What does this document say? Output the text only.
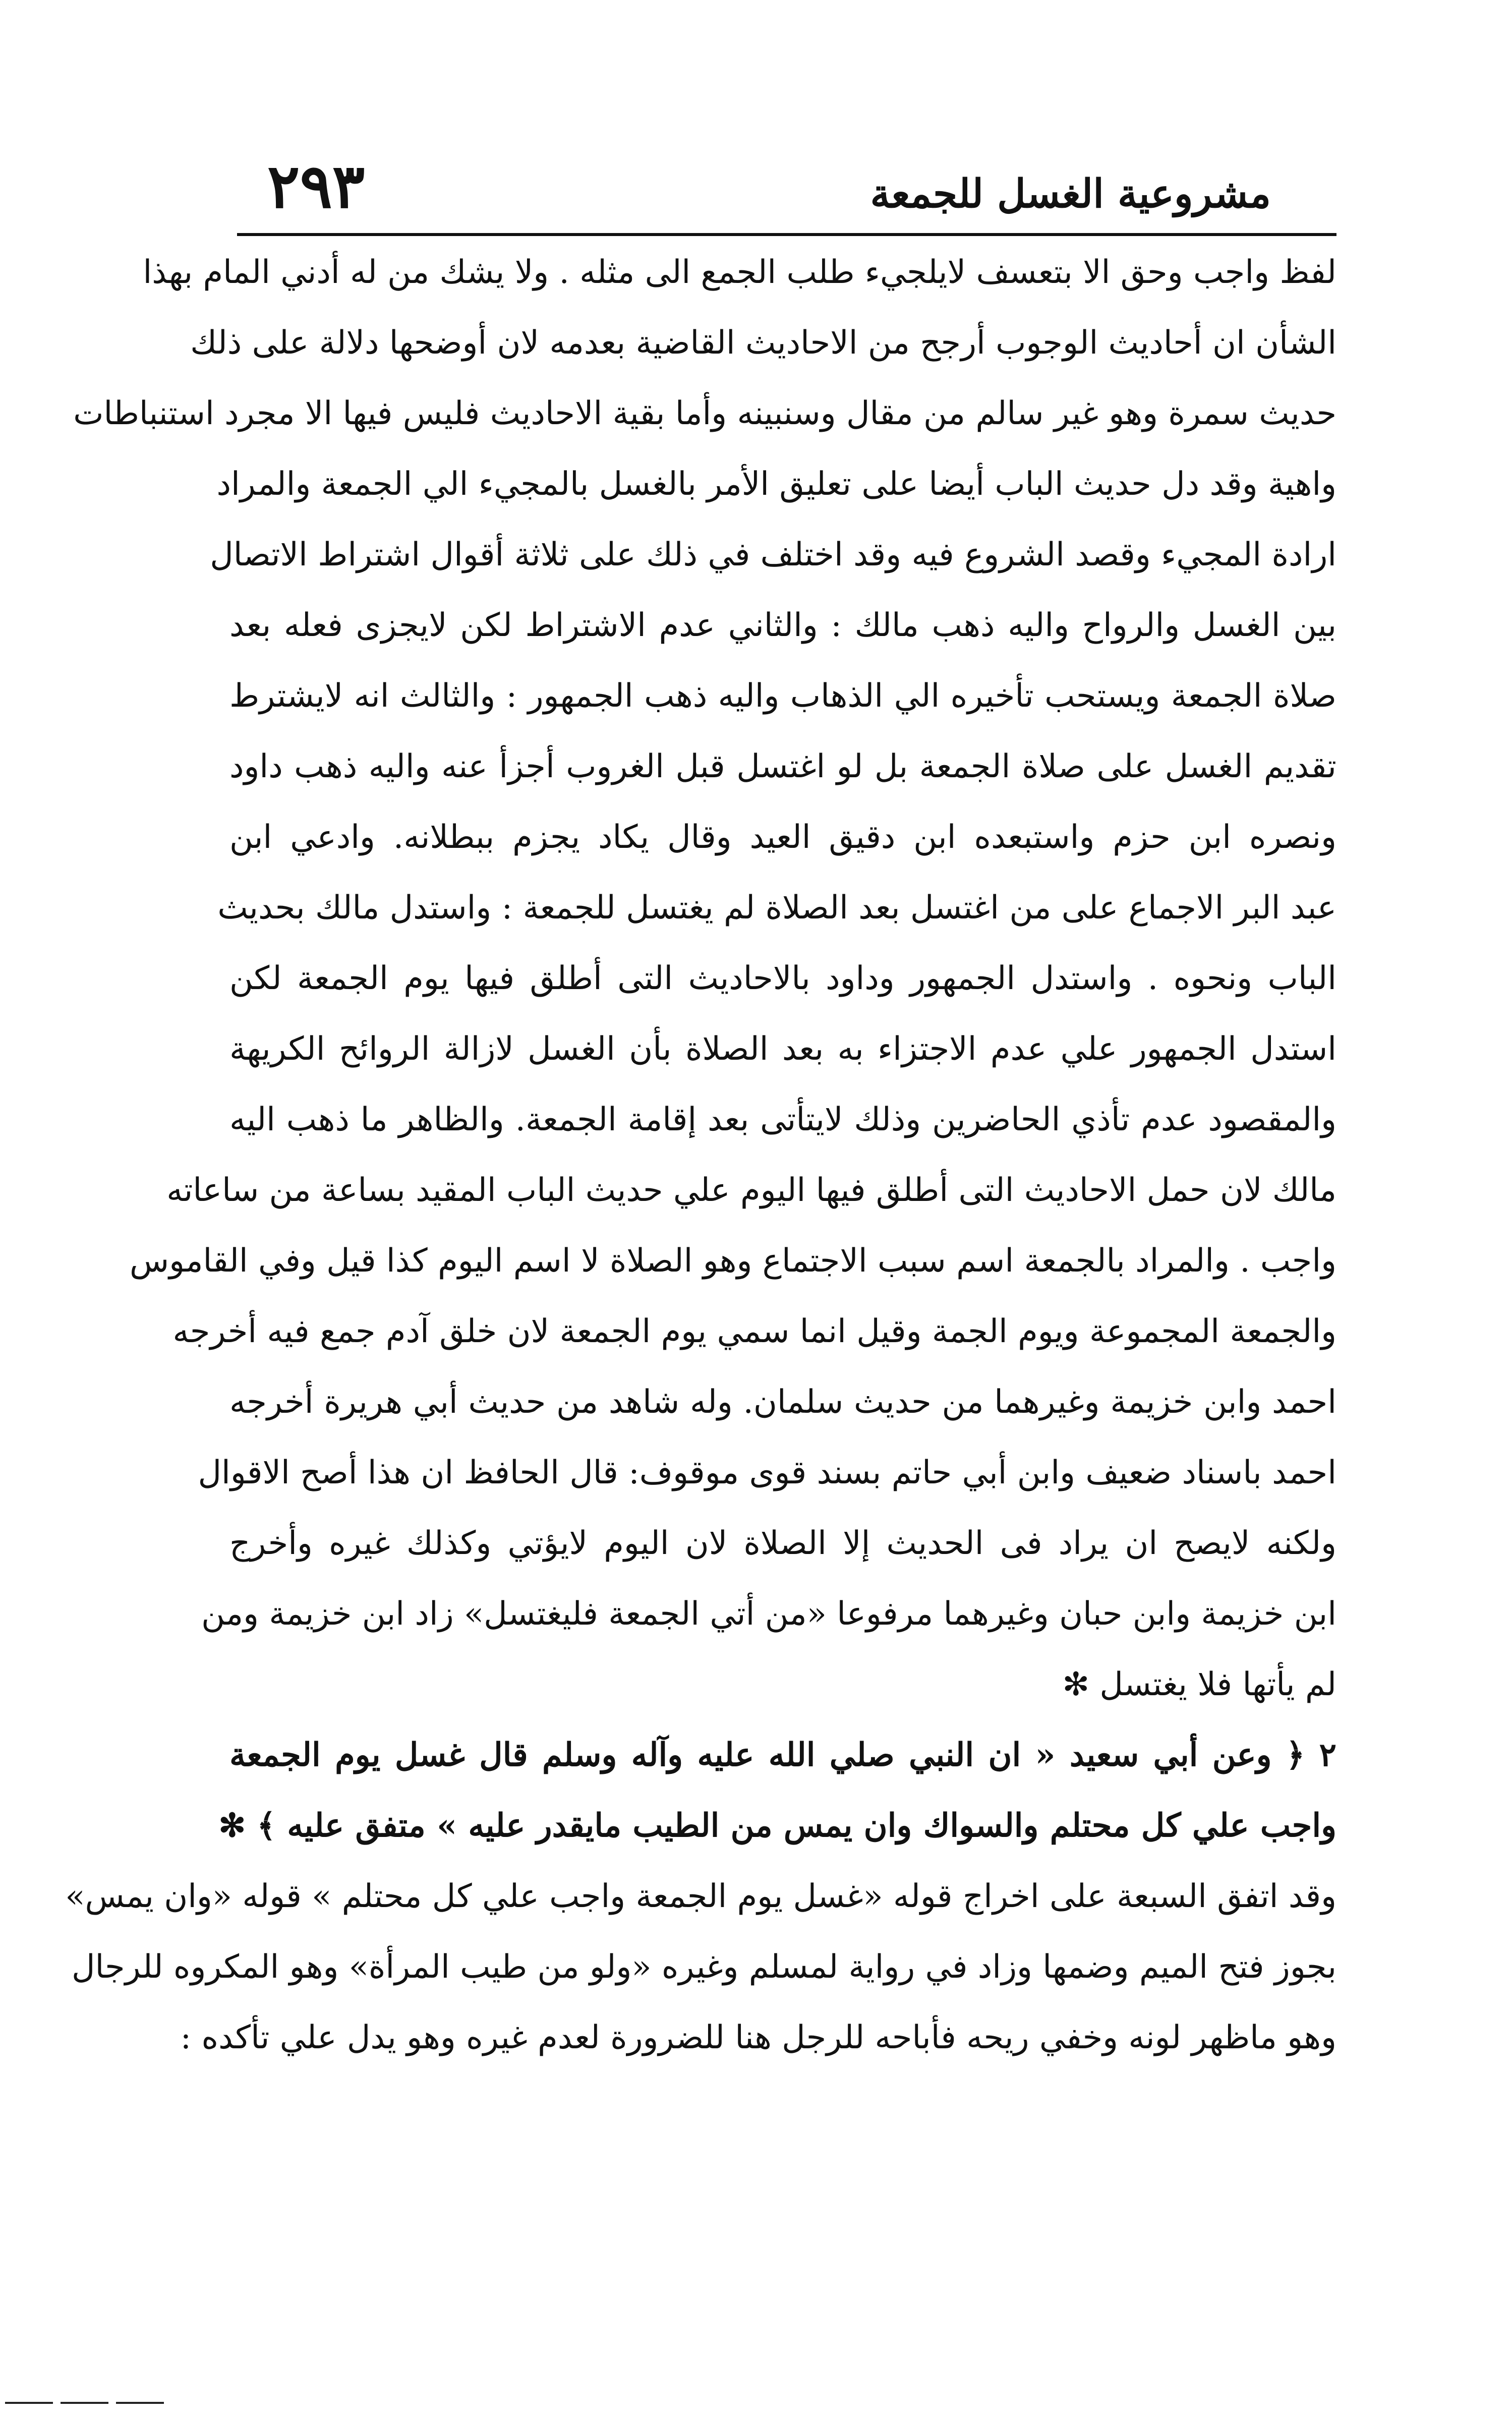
٢٩٣	مشروعية الغسل للجمعة
لفظ واجب وحق الا بتعسف لايلجيء طلب الجمع الى مثله . ولا يشك من له أدني المام بهذا
الشأن ان أحاديث الوجوب أرجح من الاحاديث القاضية بعدمه لان أوضحها دلالة على ذلك
حديث سمرة وهو غير سالم من مقال وسنبينه وأما بقية الاحاديث فليس فيها الا مجرد استنباطات
واهية وقد دل حديث الباب أيضا على تعليق الأمر بالغسل بالمجيء الي الجمعة والمراد
ارادة المجيء وقصد الشروع فيه وقد اختلف في ذلك على ثلاثة أقوال اشتراط الاتصال
بين الغسل والرواح واليه ذهب مالك : والثاني عدم الاشتراط لكن لايجزى فعله بعد
صلاة الجمعة ويستحب تأخيره الي الذهاب واليه ذهب الجمهور : والثالث انه لايشترط
تقديم الغسل على صلاة الجمعة بل لو اغتسل قبل الغروب أجزأ عنه واليه ذهب داود
ونصره ابن حزم واستبعده ابن دقيق العيد وقال يكاد يجزم ببطلانه. وادعي ابن
عبد البر الاجماع على من اغتسل بعد الصلاة لم يغتسل للجمعة : واستدل مالك بحديث
الباب ونحوه . واستدل الجمهور وداود بالاحاديث التى أطلق فيها يوم الجمعة لكن
استدل الجمهور علي عدم الاجتزاء به بعد الصلاة بأن الغسل لازالة الروائح الكريهة
والمقصود عدم تأذي الحاضرين وذلك لايتأتى بعد إقامة الجمعة. والظاهر ما ذهب اليه
مالك لان حمل الاحاديث التى أطلق فيها اليوم علي حديث الباب المقيد بساعة من ساعاته
واجب . والمراد بالجمعة اسم سبب الاجتماع وهو الصلاة لا اسم اليوم كذا قيل وفي القاموس
والجمعة المجموعة ويوم الجمة وقيل انما سمي يوم الجمعة لان خلق آدم جمع فيه أخرجه
احمد وابن خزيمة وغيرهما من حديث سلمان. وله شاهد من حديث أبي هريرة أخرجه
احمد باسناد ضعيف وابن أبي حاتم بسند قوى موقوف: قال الحافظ ان هذا أصح الاقوال
ولكنه لايصح ان يراد فى الحديث إلا الصلاة لان اليوم لايؤتي وكذلك غيره وأخرج
ابن خزيمة وابن حبان وغيرهما مرفوعا «من أتي الجمعة فليغتسل» زاد ابن خزيمة ومن
لم يأتها فلا يغتسل ✻
٢ ﴿ وعن أبي سعيد « ان النبي صلي الله عليه وآله وسلم قال غسل يوم الجمعة
واجب علي كل محتلم والسواك وان يمس من الطيب مايقدر عليه » متفق عليه ﴾ ✻
وقد اتفق السبعة على اخراج قوله «غسل يوم الجمعة واجب علي كل محتلم » قوله «وان يمس»
بجوز فتح الميم وضمها وزاد في رواية لمسلم وغيره «ولو من طيب المرأة» وهو المكروه للرجال
وهو ماظهر لونه وخفي ريحه فأباحه للرجل هنا للضرورة لعدم غيره وهو يدل علي تأكده :
